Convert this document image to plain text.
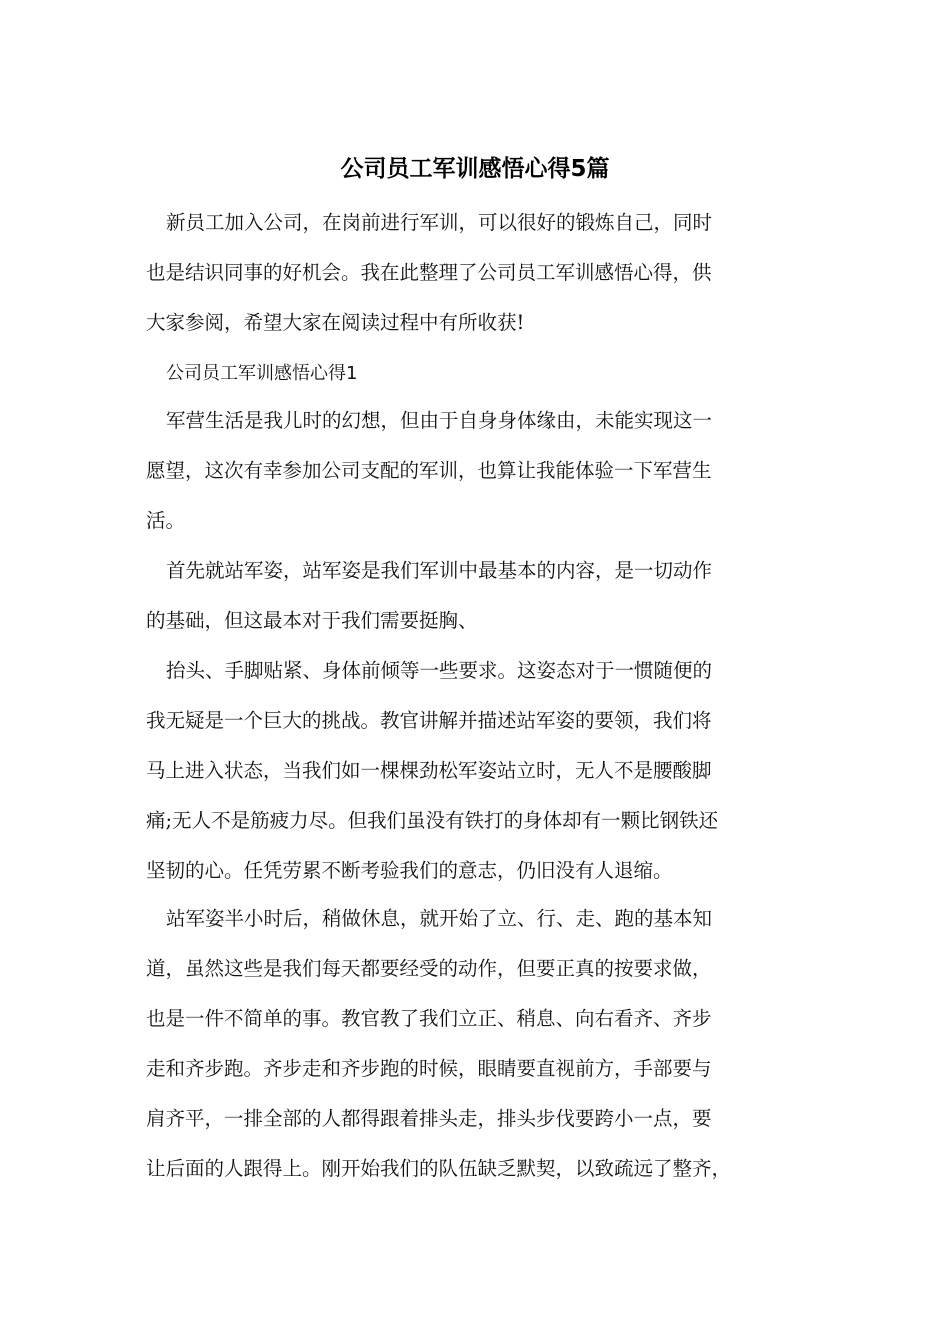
公司员工军训感悟心得5篇

新员工加入公司，在岗前进行军训，可以很好的锻炼自己，同时

也是结识同事的好机会。我在此整理了公司员工军训感悟心得，供

大家参阅，希望大家在阅读过程中有所收获!

公司员工军训感悟心得1

军营生活是我儿时的幻想，但由于自身身体缘由，未能实现这一

愿望，这次有幸参加公司支配的军训，也算让我能体验一下军营生

活。

首先就站军姿，站军姿是我们军训中最基本的内容，是一切动作

的基础，但这最本对于我们需要挺胸、

抬头、手脚贴紧、身体前倾等一些要求。这姿态对于一惯随便的

我无疑是一个巨大的挑战。教官讲解并描述站军姿的要领，我们将

马上进入状态，当我们如一棵棵劲松军姿站立时，无人不是腰酸脚

痛;无人不是筋疲力尽。但我们虽没有铁打的身体却有一颗比钢铁还

坚韧的心。任凭劳累不断考验我们的意志，仍旧没有人退缩。

站军姿半小时后，稍做休息，就开始了立、行、走、跑的基本知

道，虽然这些是我们每天都要经受的动作，但要正真的按要求做，

也是一件不简单的事。教官教了我们立正、稍息、向右看齐、齐步

走和齐步跑。齐步走和齐步跑的时候，眼睛要直视前方，手部要与

肩齐平，一排全部的人都得跟着排头走，排头步伐要跨小一点，要

让后面的人跟得上。刚开始我们的队伍缺乏默契，以致疏远了整齐，
